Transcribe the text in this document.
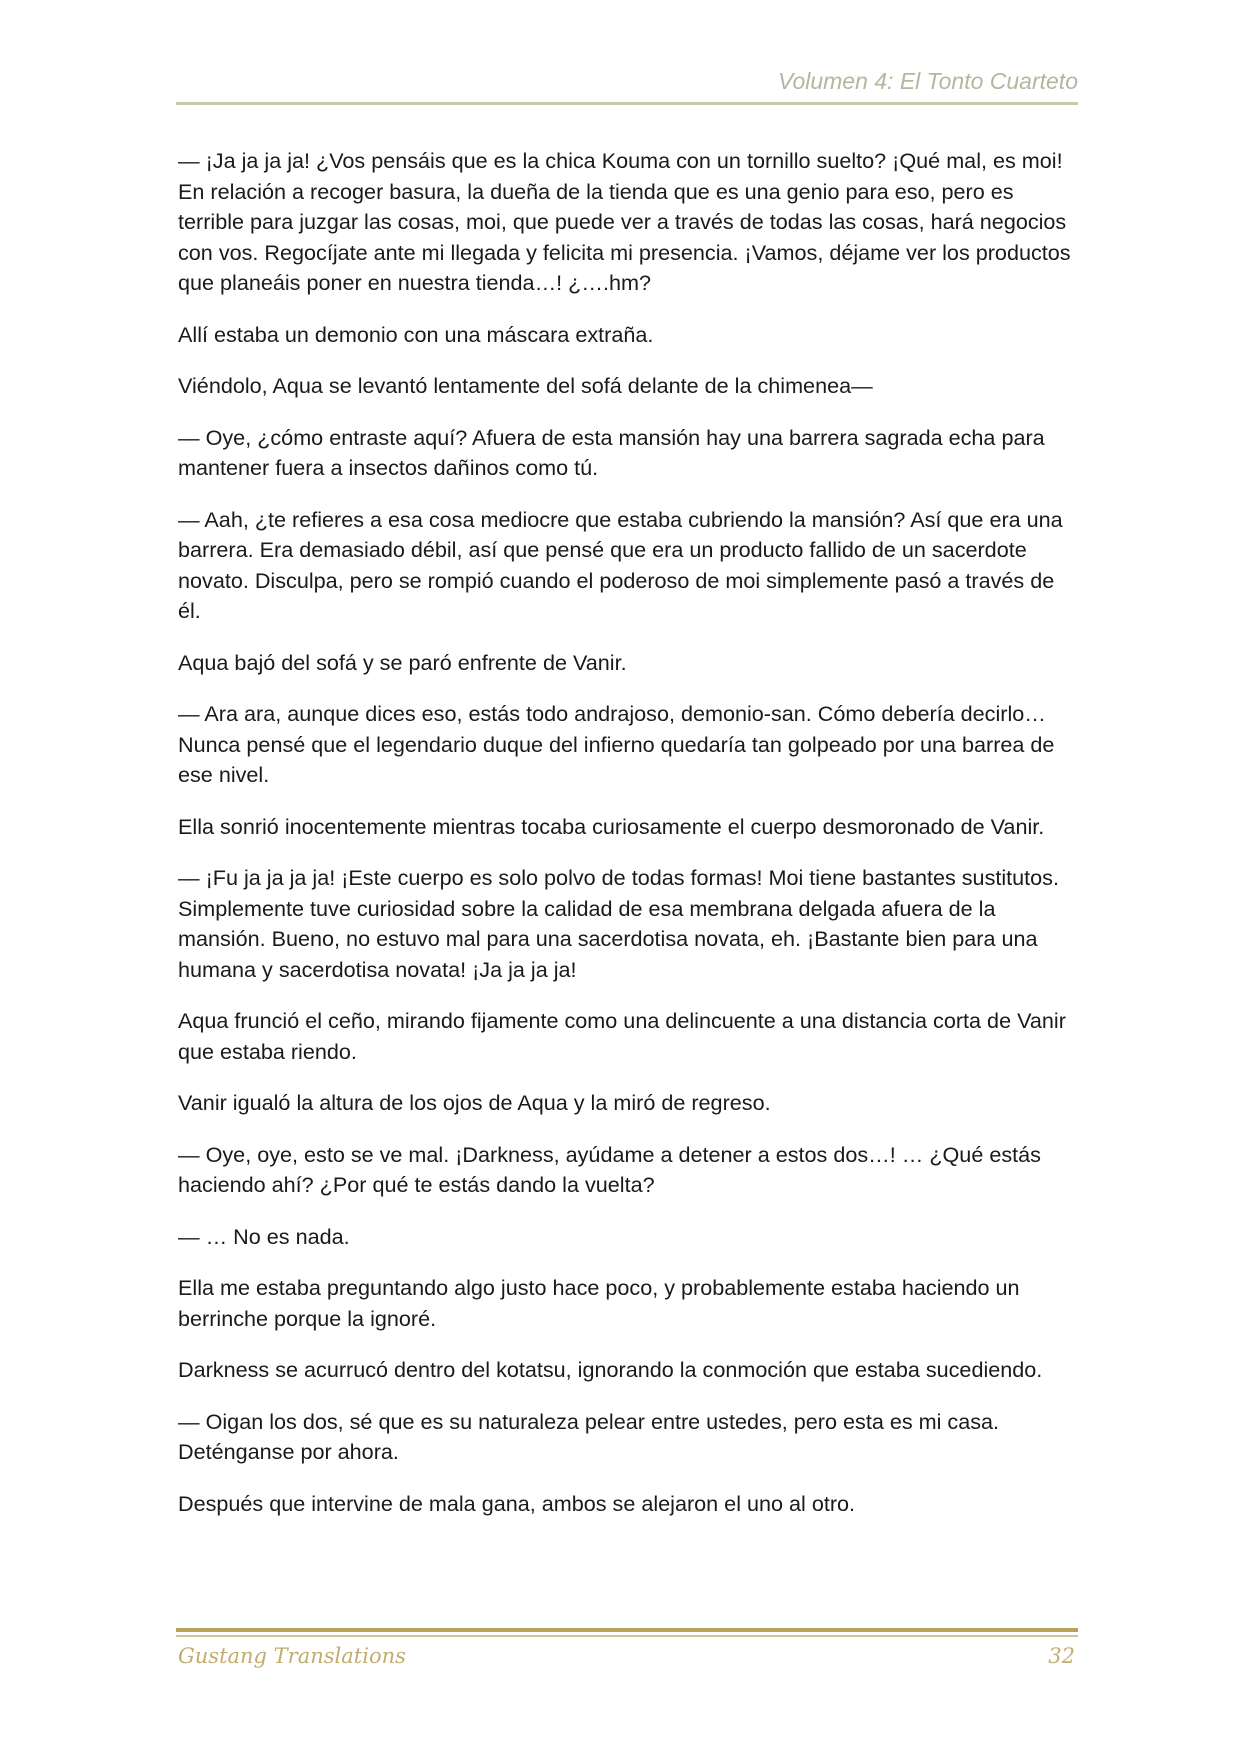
Volumen 4: El Tonto Cuarteto

— ¡Ja ja ja ja! ¿Vos pensáis que es la chica Kouma con un tornillo suelto? ¡Qué mal, es moi! En relación a recoger basura, la dueña de la tienda que es una genio para eso, pero es terrible para juzgar las cosas, moi, que puede ver a través de todas las cosas, hará negocios con vos. Regocíjate ante mi llegada y felicita mi presencia. ¡Vamos, déjame ver los productos que planeáis poner en nuestra tienda…! ¿….hm?

Allí estaba un demonio con una máscara extraña.

Viéndolo, Aqua se levantó lentamente del sofá delante de la chimenea—

— Oye, ¿cómo entraste aquí? Afuera de esta mansión hay una barrera sagrada echa para mantener fuera a insectos dañinos como tú.

— Aah, ¿te refieres a esa cosa mediocre que estaba cubriendo la mansión? Así que era una barrera. Era demasiado débil, así que pensé que era un producto fallido de un sacerdote novato. Disculpa, pero se rompió cuando el poderoso de moi simplemente pasó a través de él.

Aqua bajó del sofá y se paró enfrente de Vanir.

— Ara ara, aunque dices eso, estás todo andrajoso, demonio-san. Cómo debería decirlo… Nunca pensé que el legendario duque del infierno quedaría tan golpeado por una barrea de ese nivel.

Ella sonrió inocentemente mientras tocaba curiosamente el cuerpo desmoronado de Vanir.

— ¡Fu ja ja ja ja! ¡Este cuerpo es solo polvo de todas formas! Moi tiene bastantes sustitutos. Simplemente tuve curiosidad sobre la calidad de esa membrana delgada afuera de la mansión. Bueno, no estuvo mal para una sacerdotisa novata, eh. ¡Bastante bien para una humana y sacerdotisa novata! ¡Ja ja ja ja!

Aqua frunció el ceño, mirando fijamente como una delincuente a una distancia corta de Vanir que estaba riendo.

Vanir igualó la altura de los ojos de Aqua y la miró de regreso.

— Oye, oye, esto se ve mal. ¡Darkness, ayúdame a detener a estos dos…! … ¿Qué estás haciendo ahí? ¿Por qué te estás dando la vuelta?

— … No es nada.

Ella me estaba preguntando algo justo hace poco, y probablemente estaba haciendo un berrinche porque la ignoré.

Darkness se acurrucó dentro del kotatsu, ignorando la conmoción que estaba sucediendo.

— Oigan los dos, sé que es su naturaleza pelear entre ustedes, pero esta es mi casa. Deténganse por ahora.

Después que intervine de mala gana, ambos se alejaron el uno al otro.

Gustang Translations	32
